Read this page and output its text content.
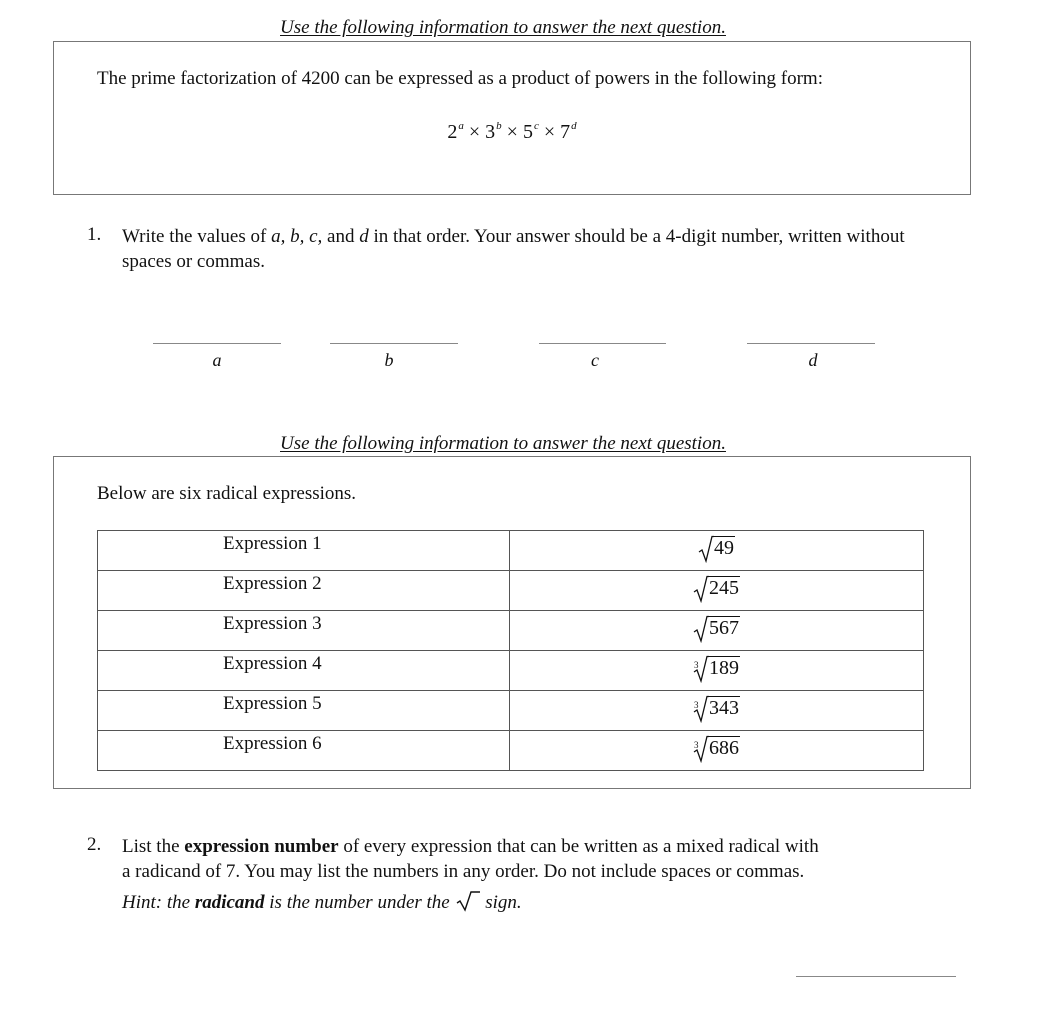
Use the following information to answer the next question.
The prime factorization of 4200 can be expressed as a product of powers in the following form:
$2^a \times 3^b \times 5^c \times 7^d$
1. Write the values of a, b, c, and d in that order. Your answer should be a 4-digit number, written without spaces or commas.
a	b	c	d
Use the following information to answer the next question.
Below are six radical expressions.
Expression 1	49
Expression 2	245
Expression 3	567
Expression 4	3 189
Expression 5	3 343
Expression 6	3 686
2. List the expression number of every expression that can be written as a mixed radical with
a radicand of 7. You may list the numbers in any order. Do not include spaces or commas.
Hint: the radicand is the number under the  sign.
